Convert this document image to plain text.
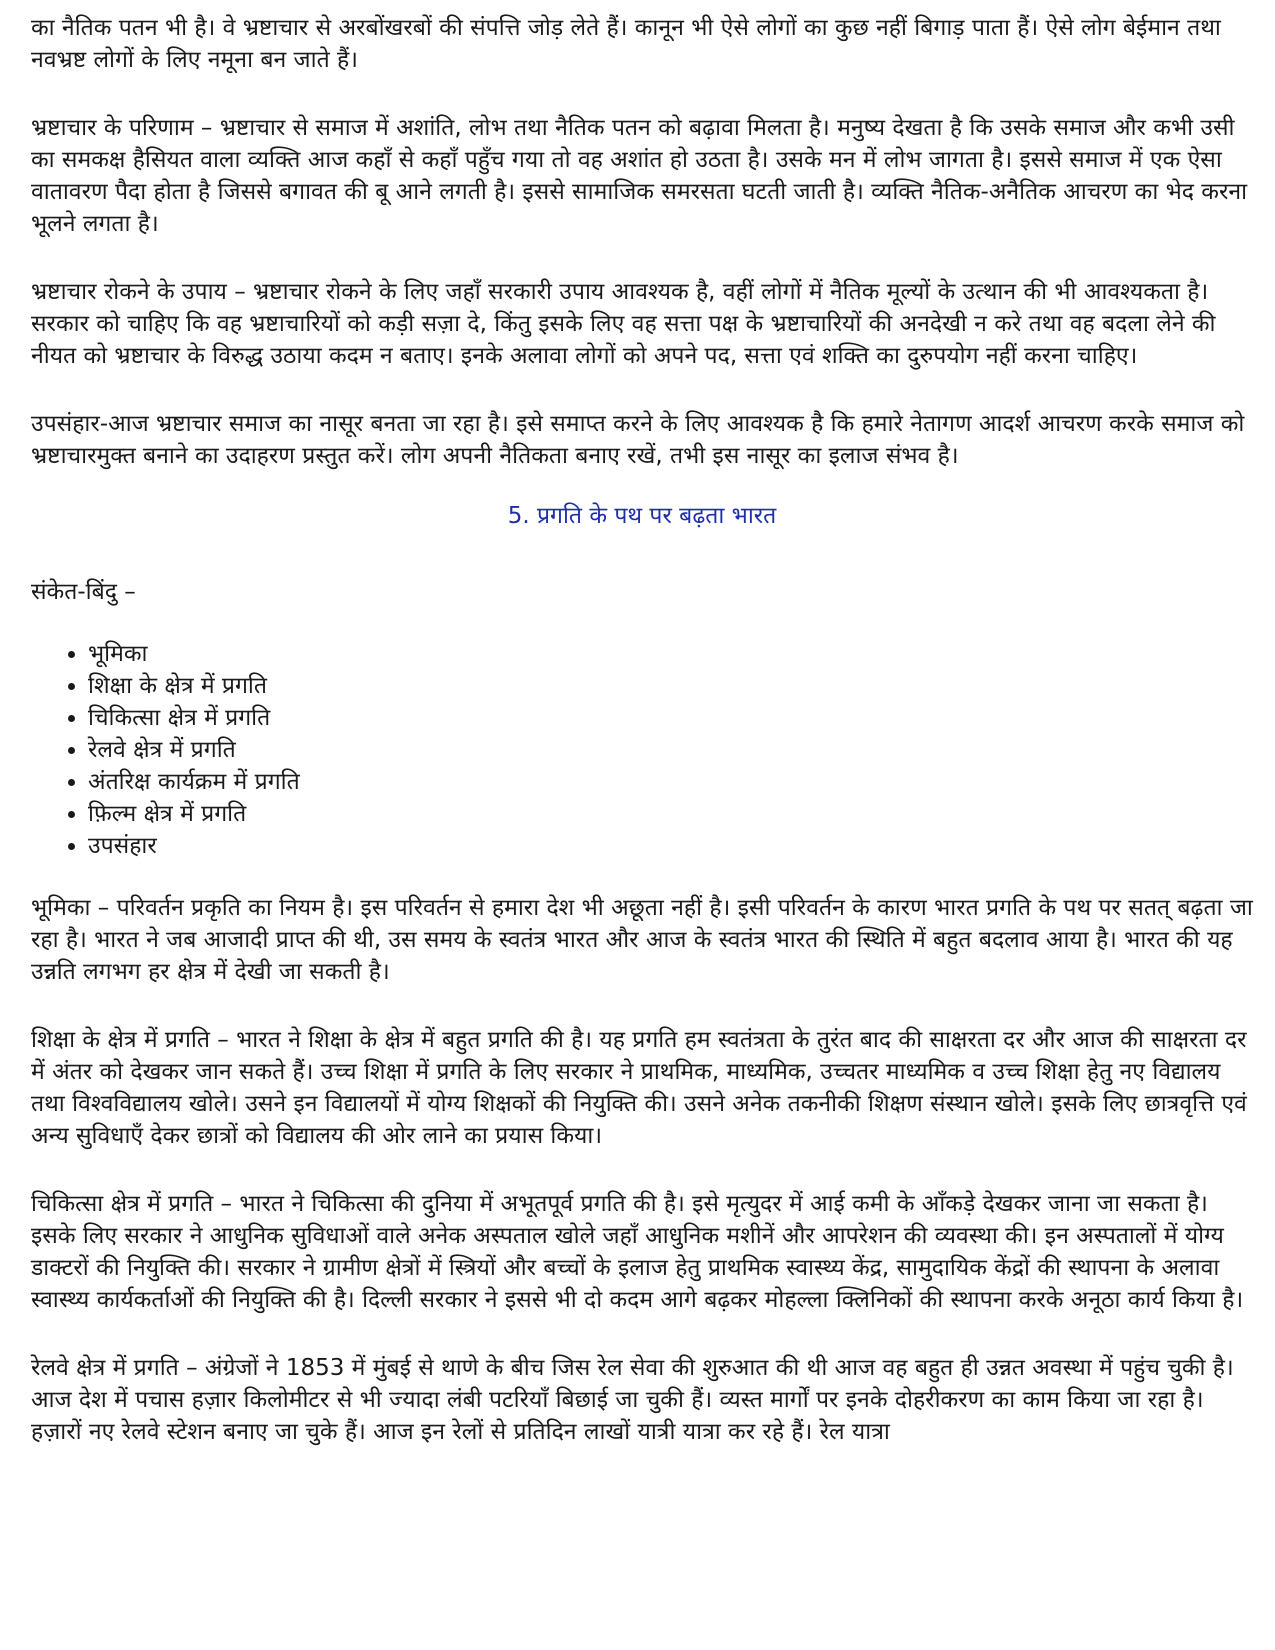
का नैतिक पतन भी है। वे भ्रष्टाचार से अरबोंखरबों की संपत्ति जोड़ लेते हैं। कानून भी ऐसे लोगों का कुछ नहीं बिगाड़ पाता हैं। ऐसे लोग बेईमान तथा नवभ्रष्ट लोगों के लिए नमूना बन जाते हैं।

भ्रष्टाचार के परिणाम – भ्रष्टाचार से समाज में अशांति, लोभ तथा नैतिक पतन को बढ़ावा मिलता है। मनुष्य देखता है कि उसके समाज और कभी उसी का समकक्ष हैसियत वाला व्यक्ति आज कहाँ से कहाँ पहुँच गया तो वह अशांत हो उठता है। उसके मन में लोभ जागता है। इससे समाज में एक ऐसा वातावरण पैदा होता है जिससे बगावत की बू आने लगती है। इससे सामाजिक समरसता घटती जाती है। व्यक्ति नैतिक-अनैतिक आचरण का भेद करना भूलने लगता है।

भ्रष्टाचार रोकने के उपाय – भ्रष्टाचार रोकने के लिए जहाँ सरकारी उपाय आवश्यक है, वहीं लोगों में नैतिक मूल्यों के उत्थान की भी आवश्यकता है। सरकार को चाहिए कि वह भ्रष्टाचारियों को कड़ी सज़ा दे, किंतु इसके लिए वह सत्ता पक्ष के भ्रष्टाचारियों की अनदेखी न करे तथा वह बदला लेने की नीयत को भ्रष्टाचार के विरुद्ध उठाया कदम न बताए। इनके अलावा लोगों को अपने पद, सत्ता एवं शक्ति का दुरुपयोग नहीं करना चाहिए।

उपसंहार-आज भ्रष्टाचार समाज का नासूर बनता जा रहा है। इसे समाप्त करने के लिए आवश्यक है कि हमारे नेतागण आदर्श आचरण करके समाज को भ्रष्टाचारमुक्त बनाने का उदाहरण प्रस्तुत करें। लोग अपनी नैतिकता बनाए रखें, तभी इस नासूर का इलाज संभव है।

5. प्रगति के पथ पर बढ़ता भारत

संकेत-बिंदु –

• भूमिका
• शिक्षा के क्षेत्र में प्रगति
• चिकित्सा क्षेत्र में प्रगति
• रेलवे क्षेत्र में प्रगति
• अंतरिक्ष कार्यक्रम में प्रगति
• फ़िल्म क्षेत्र में प्रगति
• उपसंहार

भूमिका – परिवर्तन प्रकृति का नियम है। इस परिवर्तन से हमारा देश भी अछूता नहीं है। इसी परिवर्तन के कारण भारत प्रगति के पथ पर सतत् बढ़ता जा रहा है। भारत ने जब आजादी प्राप्त की थी, उस समय के स्वतंत्र भारत और आज के स्वतंत्र भारत की स्थिति में बहुत बदलाव आया है। भारत की यह उन्नति लगभग हर क्षेत्र में देखी जा सकती है।

शिक्षा के क्षेत्र में प्रगति – भारत ने शिक्षा के क्षेत्र में बहुत प्रगति की है। यह प्रगति हम स्वतंत्रता के तुरंत बाद की साक्षरता दर और आज की साक्षरता दर में अंतर को देखकर जान सकते हैं। उच्च शिक्षा में प्रगति के लिए सरकार ने प्राथमिक, माध्यमिक, उच्चतर माध्यमिक व उच्च शिक्षा हेतु नए विद्यालय तथा विश्वविद्यालय खोले। उसने इन विद्यालयों में योग्य शिक्षकों की नियुक्ति की। उसने अनेक तकनीकी शिक्षण संस्थान खोले। इसके लिए छात्रवृत्ति एवं अन्य सुविधाएँ देकर छात्रों को विद्यालय की ओर लाने का प्रयास किया।

चिकित्सा क्षेत्र में प्रगति – भारत ने चिकित्सा की दुनिया में अभूतपूर्व प्रगति की है। इसे मृत्युदर में आई कमी के आँकड़े देखकर जाना जा सकता है। इसके लिए सरकार ने आधुनिक सुविधाओं वाले अनेक अस्पताल खोले जहाँ आधुनिक मशीनें और आपरेशन की व्यवस्था की। इन अस्पतालों में योग्य डाक्टरों की नियुक्ति की। सरकार ने ग्रामीण क्षेत्रों में स्त्रियों और बच्चों के इलाज हेतु प्राथमिक स्वास्थ्य केंद्र, सामुदायिक केंद्रों की स्थापना के अलावा स्वास्थ्य कार्यकर्ताओं की नियुक्ति की है। दिल्ली सरकार ने इससे भी दो कदम आगे बढ़कर मोहल्ला क्लिनिकों की स्थापना करके अनूठा कार्य किया है।

रेलवे क्षेत्र में प्रगति – अंग्रेजों ने 1853 में मुंबई से थाणे के बीच जिस रेल सेवा की शुरुआत की थी आज वह बहुत ही उन्नत अवस्था में पहुंच चुकी है। आज देश में पचास हज़ार किलोमीटर से भी ज्यादा लंबी पटरियाँ बिछाई जा चुकी हैं। व्यस्त मार्गों पर इनके दोहरीकरण का काम किया जा रहा है। हज़ारों नए रेलवे स्टेशन बनाए जा चुके हैं। आज इन रेलों से प्रतिदिन लाखों यात्री यात्रा कर रहे हैं। रेल यात्रा
